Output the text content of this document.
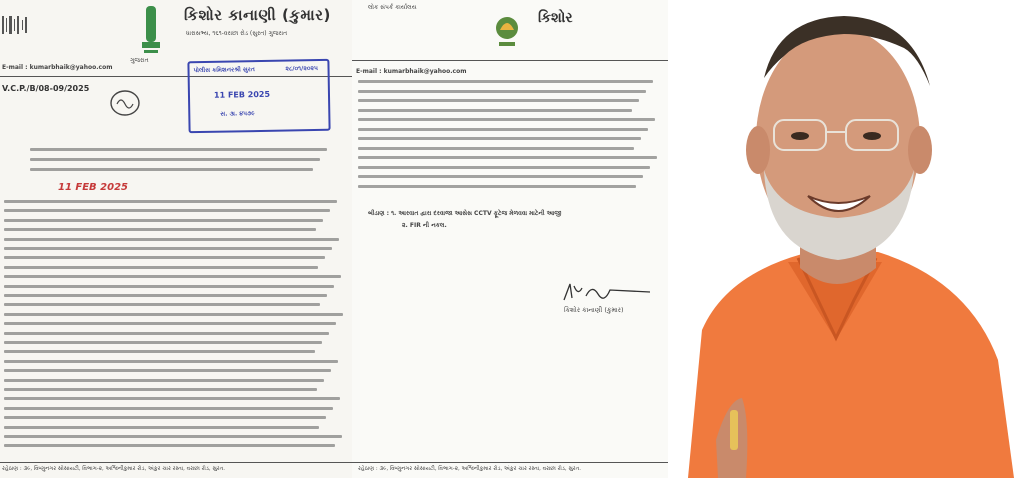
ગુજરાત
કિશોર કાનાણી (કુમાર)
ધારાસભ્ય, ૧૬૧-વરાછા રોડ (સુરત) ગુજરાત
E-mail : kumarbhaik@yahoo.com
V.C.P./B/08-09/2025
પોલીસ કમિશનરશ્રી સુરત	૨૮/૦૧/૨૦૨૫
11 FEB 2025
સ. ૩ા. ૪૫૭૯
11 FEB 2025
રહેઠાણ : ૩૯, વિષ્ણુનગર સોસાયટી, વિભાગ-૨, અશ્વિનીકુમાર રોડ, અંકુર ચાર રસ્તા, વરાછા રોડ, સુરત.
લોક સંપર્ક કાર્યાલય
કિશોર
E-mail : kumarbhaik@yahoo.com
બીડાણ : ૧. આરવાત દ્વારા દરવાજા આસેસ CCTV ફૂટેજ મેળવવા માટેની આજી
૨. FIR ની નકલ.
કિશોર કાનાણી (કુમાર)
રહેઠાણ : ૩૯, વિષ્ણુનગર સોસાયટી, વિભાગ-૨, અશ્વિનીકુમાર રોડ, અંકુર ચાર રસ્તા, વરાછા રોડ, સુરત.
